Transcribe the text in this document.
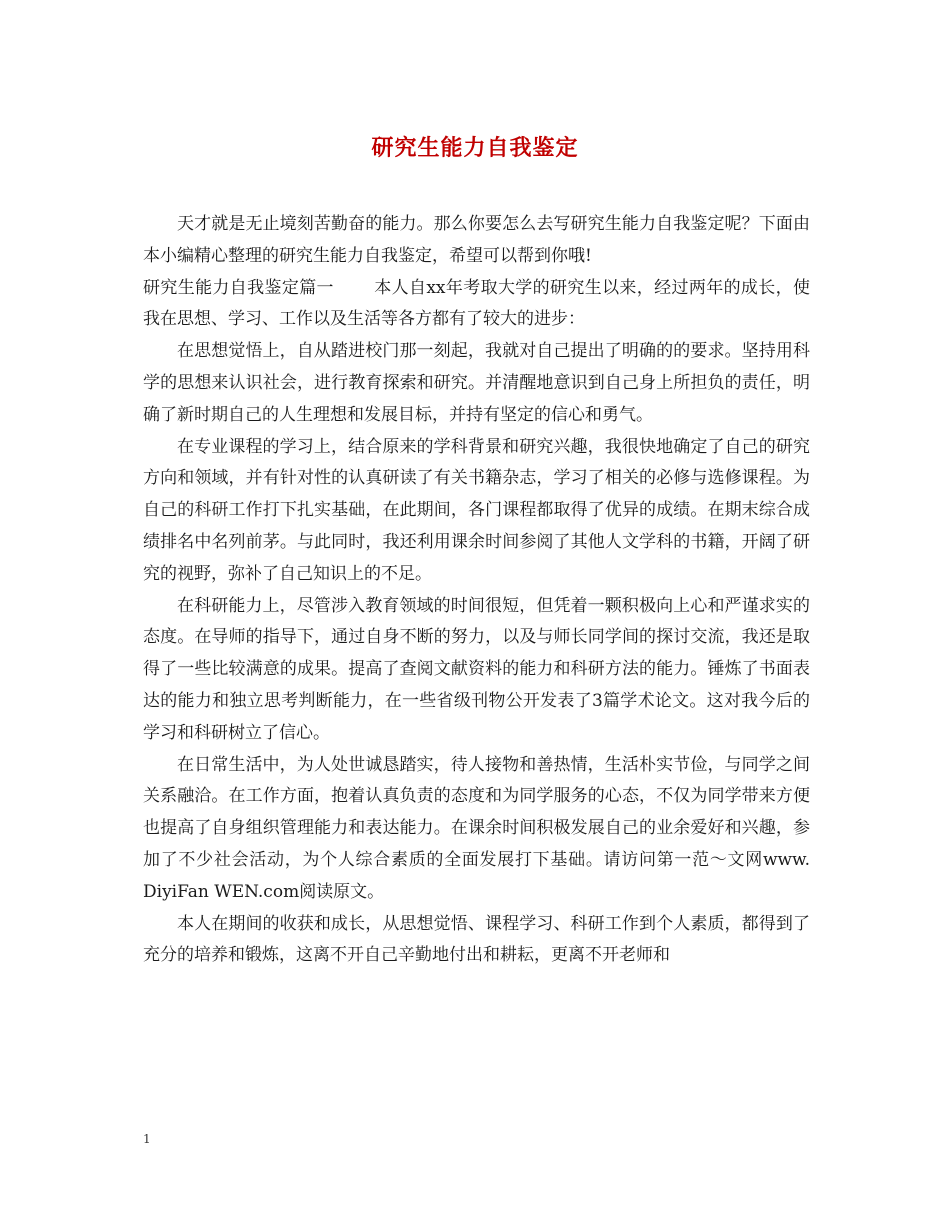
研究生能力自我鉴定

天才就是无止境刻苦勤奋的能力。那么你要怎么去写研究生能力自我鉴定呢？下面由本小编精心整理的研究生能力自我鉴定，希望可以帮到你哦!

研究生能力自我鉴定篇一 本人自xx年考取大学的研究生以来，经过两年的成长，使我在思想、学习、工作以及生活等各方都有了较大的进步：

在思想觉悟上，自从踏进校门那一刻起，我就对自己提出了明确的的要求。坚持用科学的思想来认识社会，进行教育探索和研究。并清醒地意识到自己身上所担负的责任，明确了新时期自己的人生理想和发展目标，并持有坚定的信心和勇气。

在专业课程的学习上，结合原来的学科背景和研究兴趣，我很快地确定了自己的研究方向和领域，并有针对性的认真研读了有关书籍杂志，学习了相关的必修与选修课程。为自己的科研工作打下扎实基础，在此期间，各门课程都取得了优异的成绩。在期末综合成绩排名中名列前茅。与此同时，我还利用课余时间参阅了其他人文学科的书籍，开阔了研究的视野，弥补了自己知识上的不足。

在科研能力上，尽管涉入教育领域的时间很短，但凭着一颗积极向上心和严谨求实的态度。在导师的指导下，通过自身不断的努力，以及与师长同学间的探讨交流，我还是取得了一些比较满意的成果。提高了查阅文献资料的能力和科研方法的能力。锤炼了书面表达的能力和独立思考判断能力，在一些省级刊物公开发表了3篇学术论文。这对我今后的学习和科研树立了信心。

在日常生活中，为人处世诚恳踏实，待人接物和善热情，生活朴实节俭，与同学之间关系融洽。在工作方面，抱着认真负责的态度和为同学服务的心态，不仅为同学带来方便也提高了自身组织管理能力和表达能力。在课余时间积极发展自己的业余爱好和兴趣，参加了不少社会活动，为个人综合素质的全面发展打下基础。请访问第一范～文网www. DiyiFan WEN.com阅读原文。

本人在期间的收获和成长，从思想觉悟、课程学习、科研工作到个人素质，都得到了充分的培养和锻炼，这离不开自己辛勤地付出和耕耘，更离不开老师和

1
